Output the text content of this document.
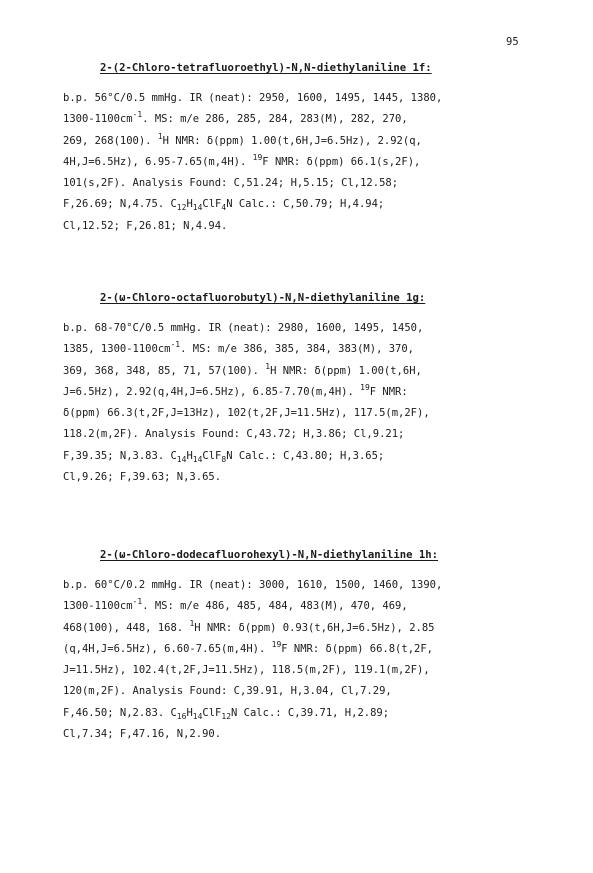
95
2-(2-Chloro-tetrafluoroethyl)-N,N-diethylaniline 1f:
b.p. 56°C/0.5 mmHg. IR (neat): 2950, 1600, 1495, 1445, 1380,
$1300-1100cm^{-1}$. MS: m/e 286, 285, 284, 283(M), 282, 270,
269, 268(100). $^1$H NMR: δ(ppm) 1.00(t,6H,J=6.5Hz), 2.92(q,
4H,J=6.5Hz), 6.95-7.65(m,4H). $^{19}$F NMR: δ(ppm) 66.1(s,2F),
101(s,2F). Analysis Found: C,51.24; H,5.15; Cl,12.58;
F,26.69; N,4.75. $C_{12}H_{14}ClF_4N$ Calc.: C,50.79; H,4.94;
Cl,12.52; F,26.81; N,4.94.
2-(ω-Chloro-octafluorobutyl)-N,N-diethylaniline 1g:
b.p. 68-70°C/0.5 mmHg. IR (neat): 2980, 1600, 1495, 1450,
1385, $1300-1100cm^{-1}$. MS: m/e 386, 385, 384, 383(M), 370,
369, 368, 348, 85, 71, 57(100). $^1$H NMR: δ(ppm) 1.00(t,6H,
J=6.5Hz), 2.92(q,4H,J=6.5Hz), 6.85-7.70(m,4H). $^{19}$F NMR:
δ(ppm) 66.3(t,2F,J=13Hz), 102(t,2F,J=11.5Hz), 117.5(m,2F),
118.2(m,2F). Analysis Found: C,43.72; H,3.86; Cl,9.21;
F,39.35; N,3.83. $C_{14}H_{14}ClF_8N$ Calc.: C,43.80; H,3.65;
Cl,9.26; F,39.63; N,3.65.
2-(ω-Chloro-dodecafluorohexyl)-N,N-diethylaniline 1h:
b.p. 60°C/0.2 mmHg. IR (neat): 3000, 1610, 1500, 1460, 1390,
$1300-1100cm^{-1}$. MS: m/e 486, 485, 484, 483(M), 470, 469,
468(100), 448, 168. $^1$H NMR: δ(ppm) 0.93(t,6H,J=6.5Hz), 2.85
(q,4H,J=6.5Hz), 6.60-7.65(m,4H). $^{19}$F NMR: δ(ppm) 66.8(t,2F,
J=11.5Hz), 102.4(t,2F,J=11.5Hz), 118.5(m,2F), 119.1(m,2F),
120(m,2F). Analysis Found: C,39.91, H,3.04, Cl,7.29,
F,46.50; N,2.83. $C_{16}H_{14}ClF_{12}N$ Calc.: C,39.71, H,2.89;
Cl,7.34; F,47.16, N,2.90.
